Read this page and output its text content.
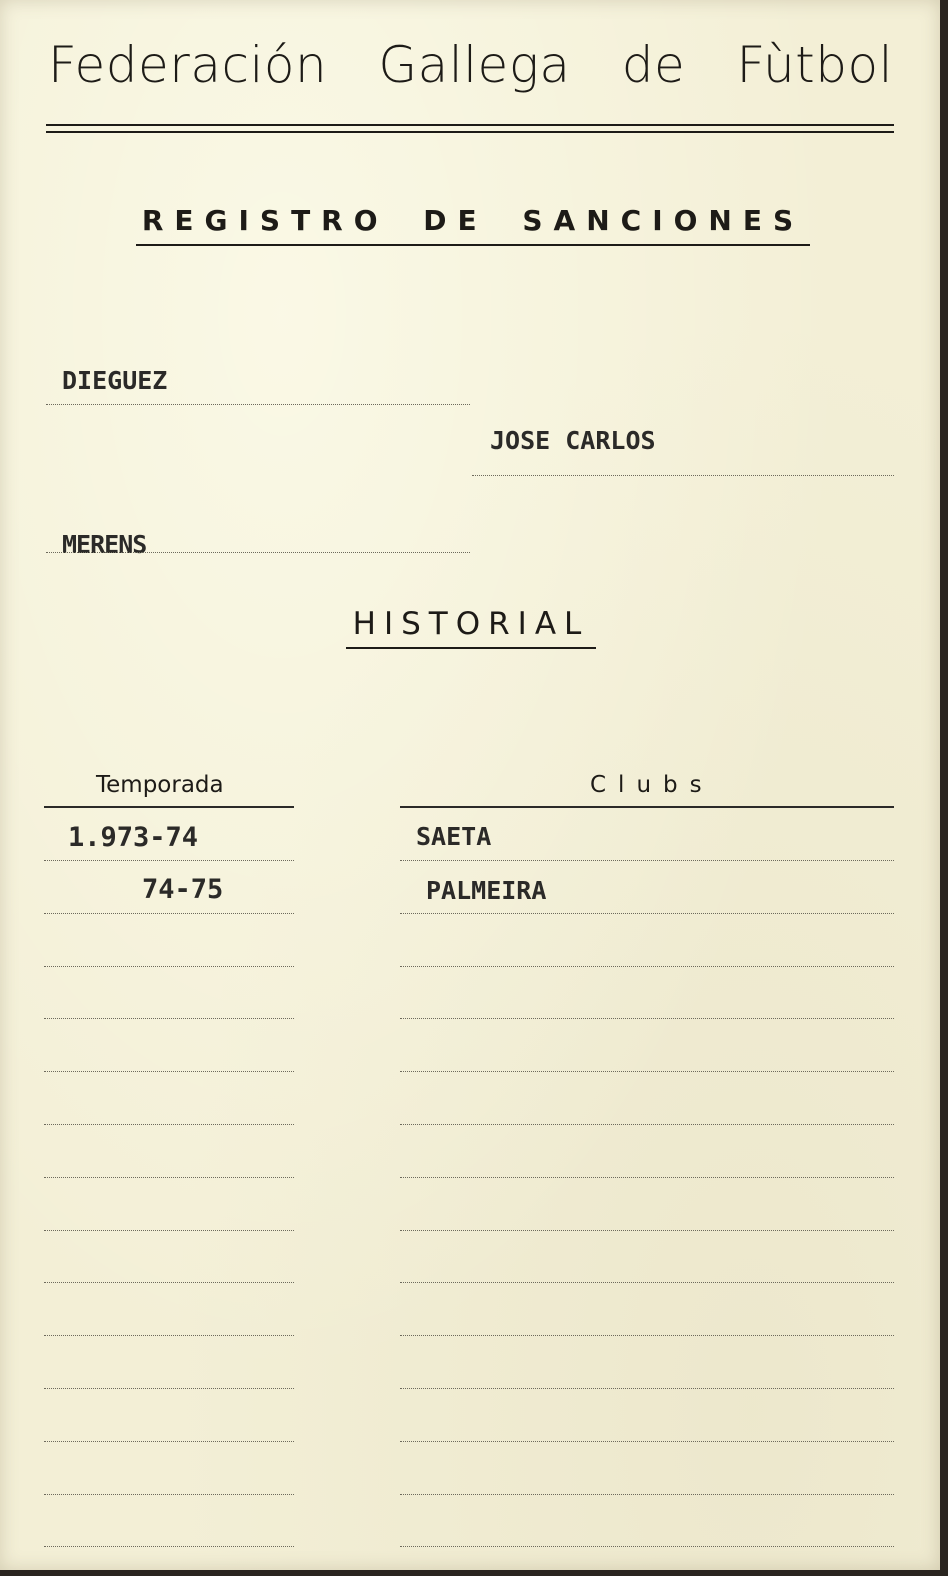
Federación Gallega de Fùtbol
REGISTRO DE SANCIONES
DIEGUEZ
JOSE CARLOS
MERENS
HISTORIAL
Temporada	Clubs
1.973-74	SAETA
74-75	PALMEIRA
